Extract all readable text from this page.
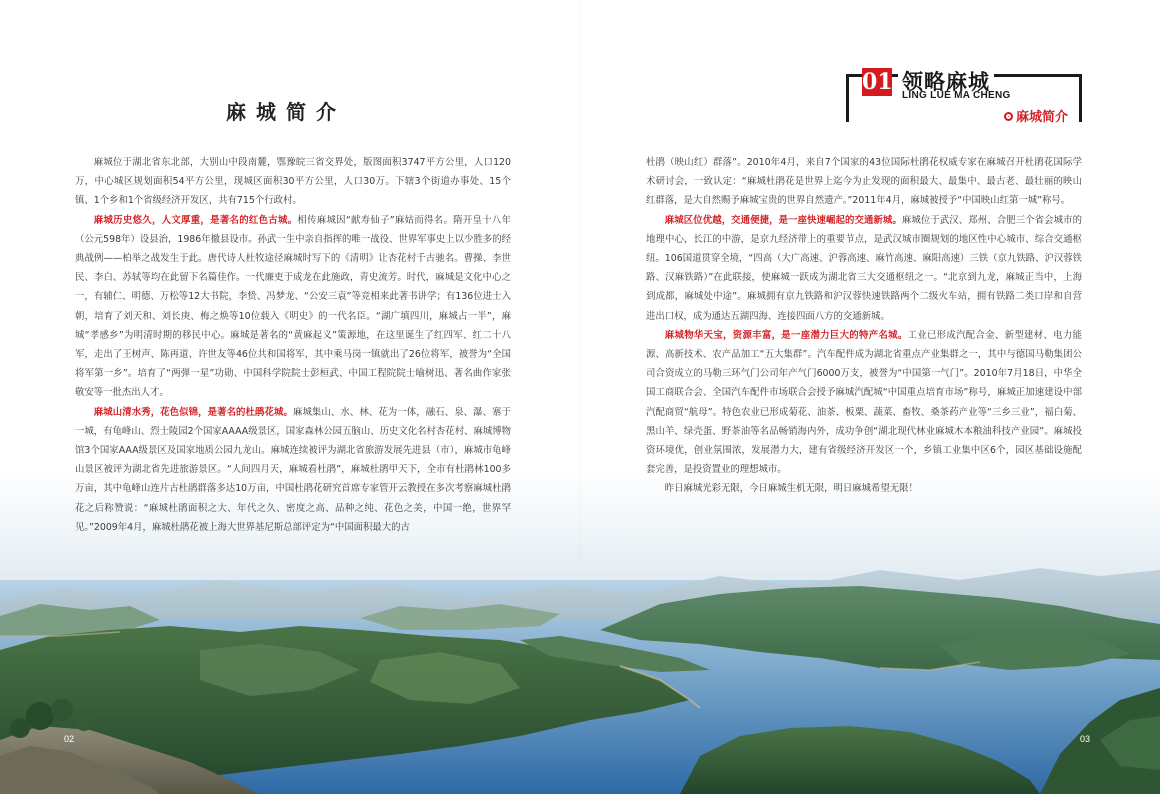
01 领略麻城
LING LUE MA CHENG
麻城简介
麻城简介

麻城位于湖北省东北部，大别山中段南麓，鄂豫皖三省交界处，版图面积3747平方公里，人口120万，中心城区规划面积54平方公里，现城区面积30平方公里，人口30万。下辖3个街道办事处、15个镇、1个乡和1个省级经济开发区，共有715个行政村。

麻城历史悠久，人文厚重，是著名的红色古城。相传麻城因“献寿仙子”麻姑而得名。隋开皇十八年（公元598年）设县治，1986年撤县设市。孙武一生中亲自指挥的唯一战役、世界军事史上以少胜多的经典战例——柏举之战发生于此。唐代诗人杜牧途径麻城时写下的《清明》让杏花村千古驰名。曹操、李世民、李白、苏轼等均在此留下名篇佳作。一代廉吏于成龙在此施政，青史流芳。时代，麻城是文化中心之一，有辅仁、明德、万松等12大书院，李贽、冯梦龙、“公安三袁”等竞相来此著书讲学；有136位进士入朝，培育了刘天和、刘长庚、梅之焕等10位载入《明史》的一代名臣。“湖广填四川，麻城占一半”，麻城“孝感乡”为明清时期的移民中心。麻城是著名的“黄麻起义”策源地，在这里诞生了红四军、红二十八军，走出了王树声、陈再道、许世友等46位共和国将军，其中乘马岗一镇就出了26位将军，被誉为“全国将军第一乡”。培育了“两弹一星”功勋、中国科学院院士彭桓武、中国工程院院士喻树迅、著名曲作家张敬安等一批杰出人才。

麻城山清水秀，花色似锦，是著名的杜鹃花城。麻城集山、水、林、花为一体，融石、泉、瀑、寨于一城，有龟峰山、烈士陵园2个国家AAAA级景区，国家森林公园五脑山、历史文化名村杏花村、麻城博物馆3个国家AAA级景区及国家地质公园九龙山。麻城连续被评为湖北省旅游发展先进县（市），麻城市龟峰山景区被评为湖北省先进旅游景区。“人间四月天，麻城看杜鹃”，麻城杜鹃甲天下，全市有杜鹃林100多万亩，其中龟峰山连片古杜鹃群落多达10万亩，中国杜鹃花研究首席专家管开云教授在多次考察麻城杜鹃花之后称赞说：“麻城杜鹃面积之大、年代之久、密度之高、品种之纯、花色之美，中国一绝，世界罕见。”2009年4月，麻城杜鹃花被上海大世界基尼斯总部评定为“中国面积最大的古

杜鹃（映山红）群落”。2010年4月，来自7个国家的43位国际杜鹃花权威专家在麻城召开杜鹃花国际学术研讨会，一致认定：“麻城杜鹃花是世界上迄今为止发现的面积最大、最集中、最古老、最壮丽的映山红群落，是大自然赐予麻城宝贵的世界自然遗产。”2011年4月，麻城被授予“中国映山红第一城”称号。

麻城区位优越，交通便捷，是一座快速崛起的交通新城。麻城位于武汉、郑州、合肥三个省会城市的地理中心，长江的中游，是京九经济带上的重要节点，是武汉城市圈规划的地区性中心城市、综合交通枢纽。106国道贯穿全境，“四高（大广高速、沪蓉高速、麻竹高速、麻阳高速）三铁（京九铁路、沪汉蓉铁路、汉麻铁路）”在此联接，使麻城一跃成为湖北省三大交通枢纽之一。“北京到九龙，麻城正当中，上海到成都，麻城处中途”。麻城拥有京九铁路和沪汉蓉快速铁路两个二级火车站，拥有铁路二类口岸和自营进出口权，成为通达五湖四海、连接四面八方的交通新城。

麻城物华天宝，资源丰富，是一座潜力巨大的特产名城。工业已形成汽配合金、新型建材、电力能源、高新技术、农产品加工“五大集群”。汽车配件成为湖北省重点产业集群之一，其中与德国马勒集团公司合资成立的马勒三环气门公司年产气门6000万支，被誉为“中国第一气门”。2010年7月18日，中华全国工商联合会、全国汽车配件市场联合会授予麻城汽配城“中国重点培育市场”称号，麻城正加速建设中部汽配商贸“航母”。特色农业已形成菊花、油茶、板栗、蔬菜、畜牧、桑茶药产业等“三乡三业”，福白菊、黑山羊、绿壳蛋、野茶油等名品畅销海内外，成功争创“湖北现代林业麻城木本粮油科技产业园”。麻城投资环境优，创业氛围浓，发展潜力大，建有省级经济开发区一个，乡镇工业集中区6个，园区基础设施配套完善，是投资置业的理想城市。

昨日麻城光彩无限，今日麻城生机无限，明日麻城希望无限！

02	03
